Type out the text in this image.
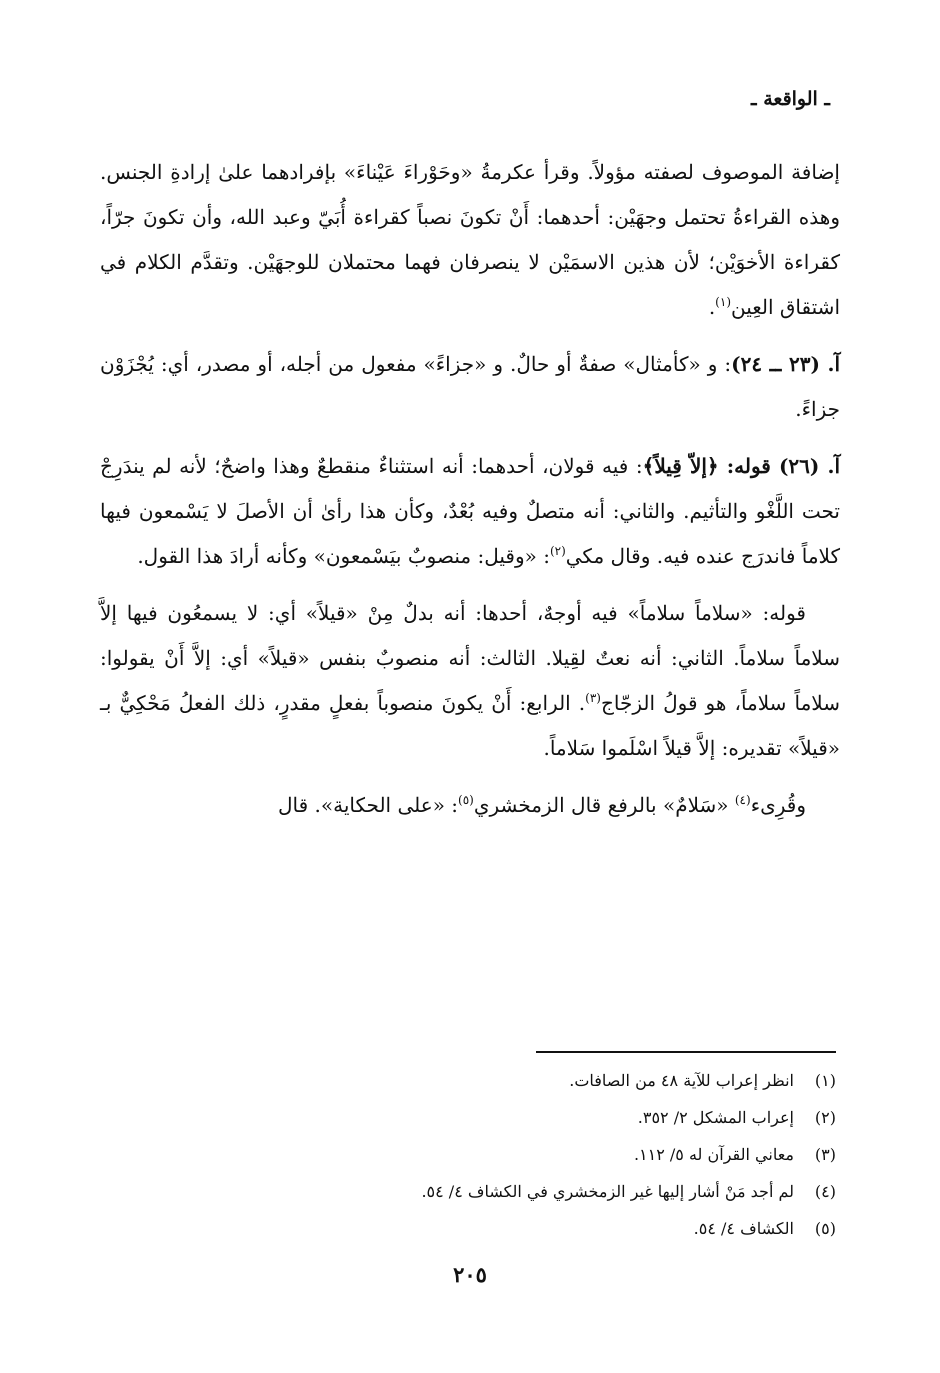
ـ الواقعة ـ

إضافة الموصوف لصفته مؤولاً. وقرأ عكرمةُ «وحَوْراءَ عَيْناءَ» بإفرادهما علىٰ إرادةِ الجنس. وهذه القراءةُ تحتمل وجهَيْن: أحدهما: أَنْ تكونَ نصباً كقراءة أُبَيّ وعبد الله، وأن تكونَ جرّاً، كقراءة الأخوَيْن؛ لأن هذين الاسمَيْن لا ينصرفان فهما محتملان للوجهَيْن. وتقدَّم الكلام في اشتقاق العِين$^{(١)}$.

آ. (٢٣ ــ ٢٤): و «كأمثال» صفةٌ أو حالٌ. و «جزاءً» مفعول من أجله، أو مصدر، أي: يُجْزَوْن جزاءً.

آ. (٢٦) قوله: ﴿إلاّ قِيلاً﴾: فيه قولان، أحدهما: أنه استثناءٌ منقطعٌ وهذا واضحٌ؛ لأنه لم يندَرِجْ تحت اللَّغْو والتأثيم. والثاني: أنه متصلٌ وفيه بُعْدٌ، وكأن هذا رأىٰ أن الأصلَ لا يَسْمعون فيها كلاماً فاندرَج عنده فيه. وقال مكي$^{(٢)}$: «وقيل: منصوبٌ بيَسْمعون» وكأنه أرادَ هذا القول.

قوله: «سلاماً سلاماً» فيه أوجهٌ، أحدها: أنه بدلٌ مِنْ «قيلاً» أي: لا يسمعُون فيها إلاَّ سلاماً سلاماً. الثاني: أنه نعتٌ لقِيلا. الثالث: أنه منصوبٌ بنفس «قيلاً» أي: إلاَّ أَنْ يقولوا: سلاماً سلاماً، هو قولُ الزجّاج$^{(٣)}$. الرابع: أَنْ يكونَ منصوباً بفعلٍ مقدرٍ، ذلك الفعلُ مَحْكِيٌّ بـ «قيلاً» تقديره: إلاَّ قيلاً اسْلَموا سَلاماً.

وقُرِىء$^{(٤)}$ «سَلامٌ» بالرفع قال الزمخشري$^{(٥)}$: «على الحكاية». قال

(١)انظر إعراب للآية ٤٨ من الصافات.
(٢)إعراب المشكل ٢/ ٣٥٢.
(٣)معاني القرآن له ٥/ ١١٢.
(٤)لم أجد مَنْ أشار إليها غير الزمخشري في الكشاف ٤/ ٥٤.
(٥)الكشاف ٤/ ٥٤.
٢٠٥
